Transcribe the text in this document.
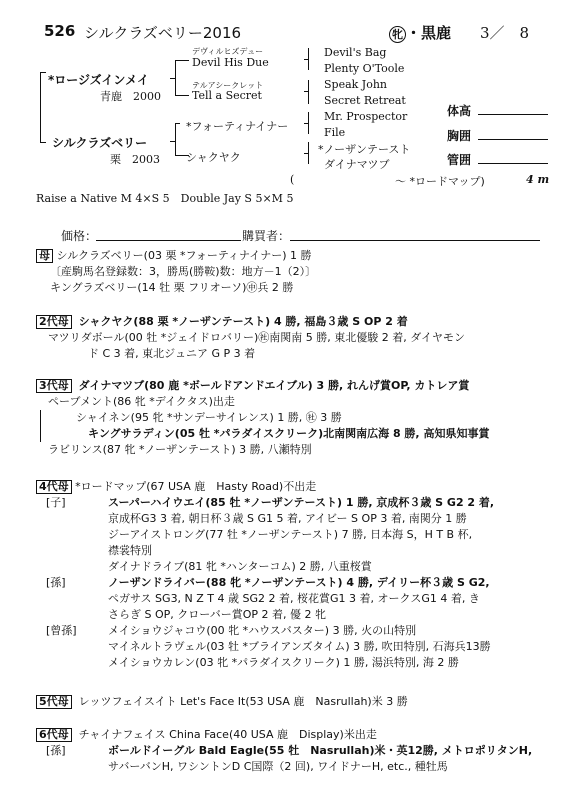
526 シルクラズベリー2016	牝 ・黒鹿 3／　8
デヴィルヒズデュー
Devil His Due
*ロージズインメイ
青鹿　2000
テルアシークレット
Tell a Secret
Devil's Bag
Plenty O'Toole
Speak John
Secret Retreat
Mr. Prospector
File
*ノーザンテースト
ダイナマツブ
*フォーティナイナー
シルクラズベリー
シャクヤク
栗　2003
体高
胸囲
管囲
(	～ *ロードマップ)	4 m
Raise a Native M 4×S 5　Double Jay S 5×M 5
価格：	購買者：
母 シルクラズベリー(03 栗 *フォーティナイナー) 1 勝
〔産駒馬名登録数：3，勝馬(勝鞍)数：地方－1（2）〕
キングラズベリー(14 牡 栗 フリオーソ)㊥兵 2 勝
2代母 シャクヤク(88 栗 *ノーザンテースト) 4 勝, 福島３歳 S OP 2 着
マツリダボール(00 牡 *ジェイドロバリー)㊓南関南 5 勝, 東北優駿 2 着, ダイヤモン
ド C 3 着, 東北ジュニア G P 3 着
3代母 ダイナマツブ(80 鹿 *ボールドアンドエイブル) 3 勝, れんげ賞OP, カトレア賞
ペーブメント(86 牝 *デイクタス)出走
シャイネン(95 牝 *サンデーサイレンス) 1 勝, ㊓ 3 勝
キングサラディン(05 牡 *パラダイスクリーク)北南関南広海 8 勝, 高知県知事賞
ラビリンス(87 牝 *ノーザンテースト) 3 勝, 八瀬特別
4代母 *ロードマップ(67 USA 鹿　Hasty Road)不出走
[子]	スーパーハイウエイ(85 牡 *ノーザンテースト) 1 勝, 京成杯３歳 S G2 2 着,
京成杯G3 3 着, 朝日杯３歳 S G1 5 着, アイビー S OP 3 着, 南関分 1 勝
ジーアイストロング(77 牡 *ノーザンテースト) 7 勝, 日本海 S，H T B 杯,
襟裳特別
ダイナドライブ(81 牝 *ハンターコム) 2 勝, 八重桜賞
[孫]	ノーザンドライバー(88 牝 *ノーザンテースト) 4 勝, デイリー杯３歳 S G2,
ペガサス SG3, N Z T 4 歳 SG2 2 着, 桜花賞G1 3 着, オークスG1 4 着, き
さらぎ S OP, クローバー賞OP 2 着, 優 2 牝
[曾孫]	メイショウジャコウ(00 牝 *ハウスバスター) 3 勝, 火の山特別
マイネルトラヴェル(03 牡 *ブライアンズタイム) 3 勝, 吹田特別, 石海兵13勝
メイショウカレン(03 牝 *パラダイスクリーク) 1 勝, 湯浜特別, 海 2 勝
5代母 レッツフェイスイト Let's Face It(53 USA 鹿　Nasrullah)米 3 勝
6代母 チャイナフェイス China Face(40 USA 鹿　Display)米出走
[孫]	ボールドイーグル Bald Eagle(55 牡　Nasrullah)米・英12勝, メトロポリタンH,
サバーバンH, ワシントンD C国際（2 回), ワイドナーH, etc., 種牡馬
